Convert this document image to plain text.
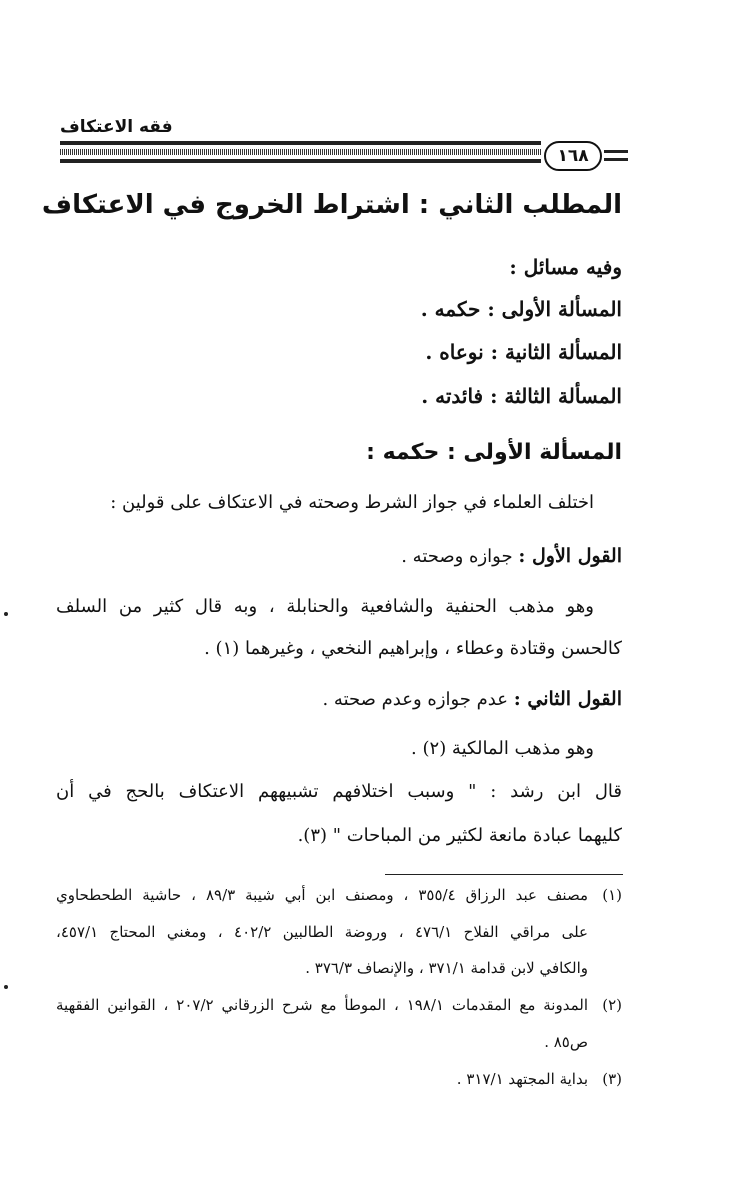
فقه الاعتكاف
١٦٨
المطلب الثاني : اشتراط الخروج في الاعتكاف
وفيه مسائل :
المسألة الأولى : حكمه .
المسألة الثانية : نوعاه .
المسألة الثالثة : فائدته .
المسألة الأولى : حكمه :
اختلف العلماء في جواز الشرط وصحته في الاعتكاف على قولين :
القول الأول : جوازه وصحته .
وهو مذهب الحنفية والشافعية والحنابلة ، وبه قال كثير من السلف
كالحسن وقتادة وعطاء ، وإبراهيم النخعي ، وغيرهما (١) .
القول الثاني : عدم جوازه وعدم صحته .
وهو مذهب المالكية (٢) .
قال ابن رشد : " وسبب اختلافهم تشبيههم الاعتكاف بالحج في أن
كليهما عبادة مانعة لكثير من المباحات " (٣).
(١)
مصنف عبد الرزاق ٣٥٥/٤ ، ومصنف ابن أبي شيبة ٨٩/٣ ، حاشية الطحطحاوي
على مراقي الفلاح ٤٧٦/١ ، وروضة الطالبين ٤٠٢/٢ ، ومغني المحتاج ٤٥٧/١،
والكافي لابن قدامة ٣٧١/١ ، والإنصاف ٣٧٦/٣ .
(٢)
المدونة مع المقدمات ١٩٨/١ ، الموطأ مع شرح الزرقاني ٢٠٧/٢ ، القوانين الفقهية
ص٨٥ .
(٣)
بداية المجتهد ٣١٧/١ .
